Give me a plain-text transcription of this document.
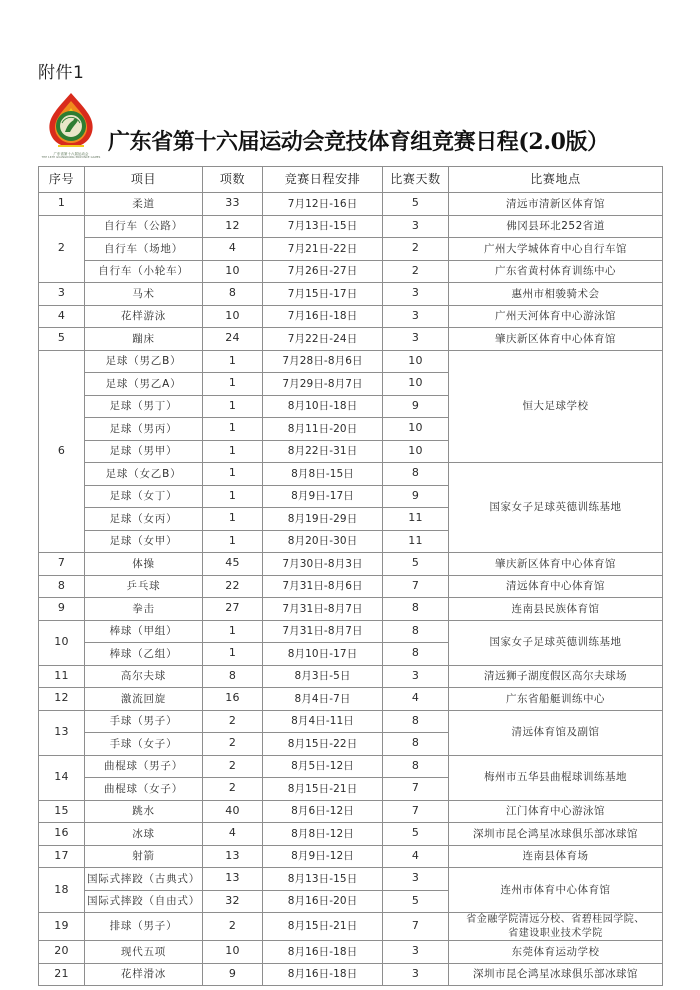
附件1
广东省第十六届运动会
THE 16TH GUANGDONG PROVINCE GAMES
广东省第十六届运动会竞技体育组竞赛日程(2.0版）
序号	项目	项数	竞赛日程安排	比赛天数	比赛地点
1	柔道	33	7月12日-16日	5	清远市清新区体育馆
2	自行车（公路）	12	7月13日-15日	3	佛冈县环北252省道
	自行车（场地）	4	7月21日-22日	2	广州大学城体育中心自行车馆
	自行车（小轮车）	10	7月26日-27日	2	广东省黄村体育训练中心
3	马术	8	7月15日-17日	3	惠州市相骏骑术会
4	花样游泳	10	7月16日-18日	3	广州天河体育中心游泳馆
5	蹦床	24	7月22日-24日	3	肇庆新区体育中心体育馆
6	足球（男乙B）	1	7月28日-8月6日	10	恒大足球学校
	足球（男乙A）	1	7月29日-8月7日	10	
	足球（男丁）	1	8月10日-18日	9	
	足球（男丙）	1	8月11日-20日	10	
	足球（男甲）	1	8月22日-31日	10	
	足球（女乙B）	1	8月8日-15日	8	国家女子足球英德训练基地
	足球（女丁）	1	8月9日-17日	9	
	足球（女丙）	1	8月19日-29日	11	
	足球（女甲）	1	8月20日-30日	11	
7	体操	45	7月30日-8月3日	5	肇庆新区体育中心体育馆
8	乒乓球	22	7月31日-8月6日	7	清远体育中心体育馆
9	拳击	27	7月31日-8月7日	8	连南县民族体育馆
10	棒球（甲组）	1	7月31日-8月7日	8	国家女子足球英德训练基地
	棒球（乙组）	1	8月10日-17日	8	
11	高尔夫球	8	8月3日-5日	3	清远狮子湖度假区高尔夫球场
12	激流回旋	16	8月4日-7日	4	广东省船艇训练中心
13	手球（男子）	2	8月4日-11日	8	清远体育馆及副馆
	手球（女子）	2	8月15日-22日	8	
14	曲棍球（男子）	2	8月5日-12日	8	梅州市五华县曲棍球训练基地
	曲棍球（女子）	2	8月15日-21日	7	
15	跳水	40	8月6日-12日	7	江门体育中心游泳馆
16	冰球	4	8月8日-12日	5	深圳市昆仑鸿星冰球俱乐部冰球馆
17	射箭	13	8月9日-12日	4	连南县体育场
18	国际式摔跤（古典式）	13	8月13日-15日	3	连州市体育中心体育馆
	国际式摔跤（自由式）	32	8月16日-20日	5	
19	排球（男子）	2	8月15日-21日	7	省金融学院清远分校、省碧桂园学院、省建设职业技术学院
20	现代五项	10	8月16日-18日	3	东莞体育运动学校
21	花样滑冰	9	8月16日-18日	3	深圳市昆仑鸿星冰球俱乐部冰球馆
